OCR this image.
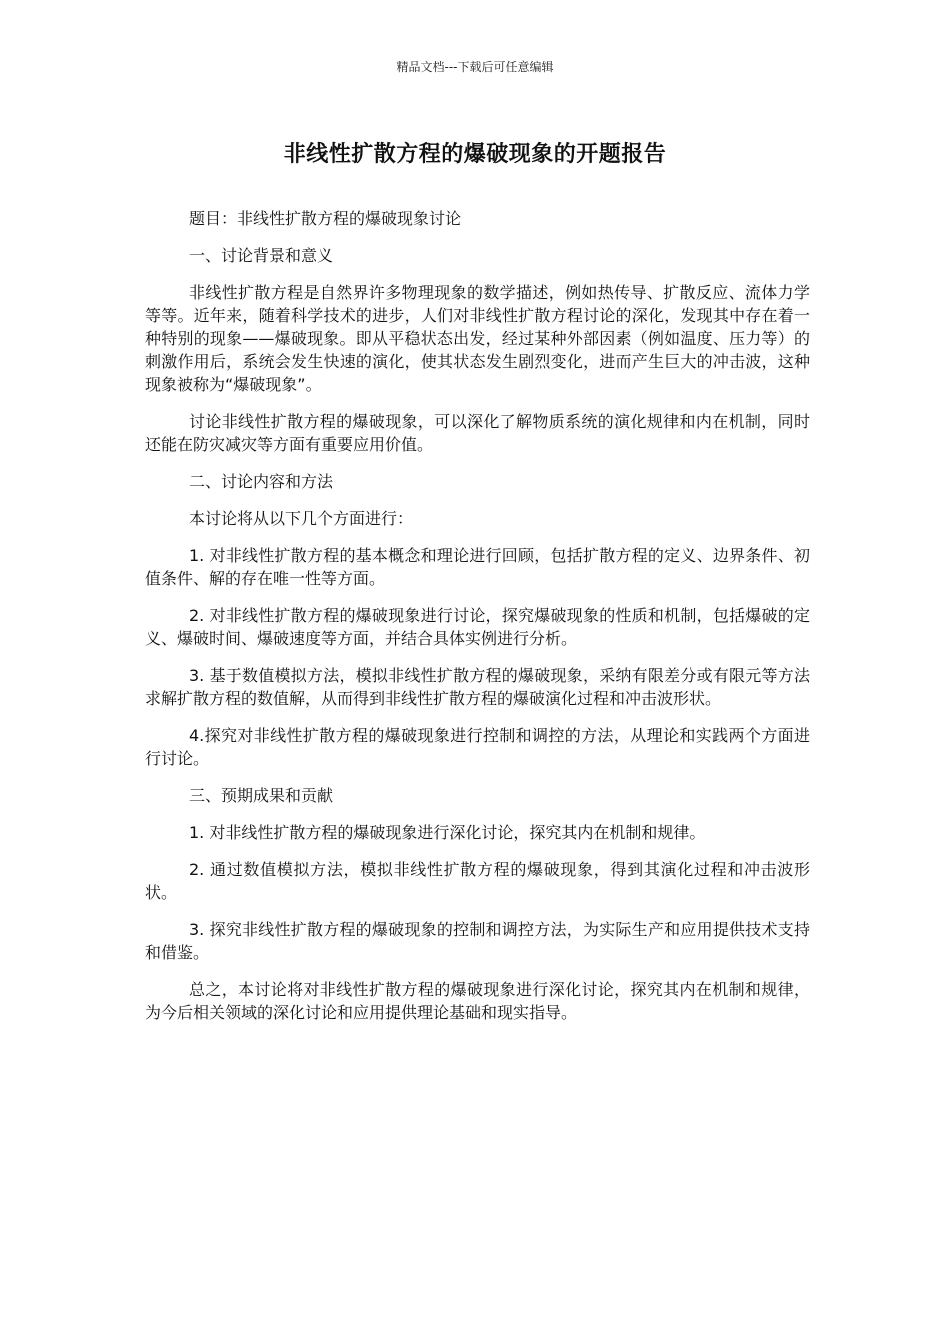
精品文档---下载后可任意编辑
非线性扩散方程的爆破现象的开题报告

题目：非线性扩散方程的爆破现象讨论

一、讨论背景和意义

非线性扩散方程是自然界许多物理现象的数学描述，例如热传导、扩散反应、流体力学等等。近年来，随着科学技术的进步，人们对非线性扩散方程讨论的深化，发现其中存在着一种特别的现象——爆破现象。即从平稳状态出发，经过某种外部因素（例如温度、压力等）的刺激作用后，系统会发生快速的演化，使其状态发生剧烈变化，进而产生巨大的冲击波，这种现象被称为“爆破现象”。

讨论非线性扩散方程的爆破现象，可以深化了解物质系统的演化规律和内在机制，同时还能在防灾减灾等方面有重要应用价值。

二、讨论内容和方法

本讨论将从以下几个方面进行：

1. 对非线性扩散方程的基本概念和理论进行回顾，包括扩散方程的定义、边界条件、初值条件、解的存在唯一性等方面。

2. 对非线性扩散方程的爆破现象进行讨论，探究爆破现象的性质和机制，包括爆破的定义、爆破时间、爆破速度等方面，并结合具体实例进行分析。

3. 基于数值模拟方法，模拟非线性扩散方程的爆破现象，采纳有限差分或有限元等方法求解扩散方程的数值解，从而得到非线性扩散方程的爆破演化过程和冲击波形状。

4.探究对非线性扩散方程的爆破现象进行控制和调控的方法，从理论和实践两个方面进行讨论。

三、预期成果和贡献

1. 对非线性扩散方程的爆破现象进行深化讨论，探究其内在机制和规律。

2. 通过数值模拟方法，模拟非线性扩散方程的爆破现象，得到其演化过程和冲击波形状。

3. 探究非线性扩散方程的爆破现象的控制和调控方法，为实际生产和应用提供技术支持和借鉴。

总之，本讨论将对非线性扩散方程的爆破现象进行深化讨论，探究其内在机制和规律，为今后相关领域的深化讨论和应用提供理论基础和现实指导。
